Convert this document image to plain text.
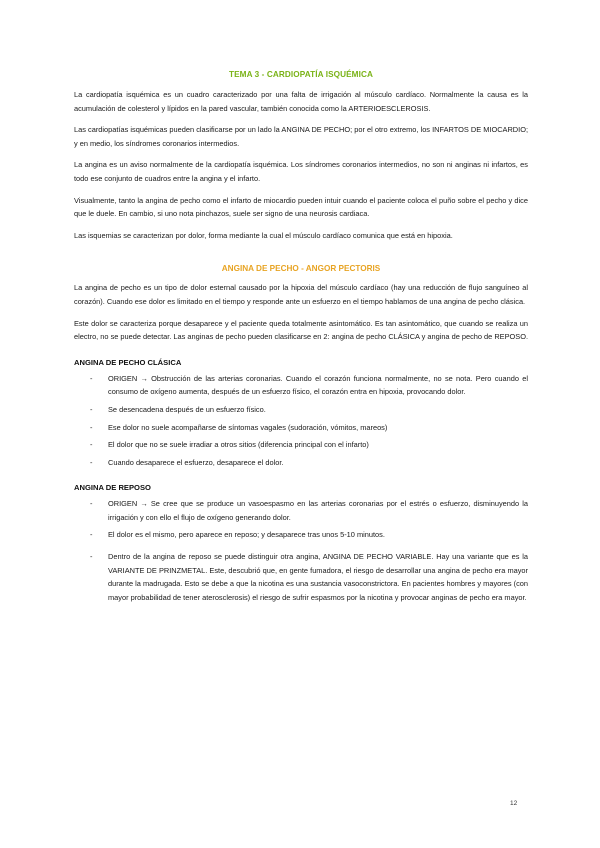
TEMA 3 - CARDIOPATÍA ISQUÉMICA

La cardiopatía isquémica es un cuadro caracterizado por una falta de irrigación al músculo cardíaco. Normalmente la causa es la acumulación de colesterol y lípidos en la pared vascular, también conocida como la ARTERIOESCLEROSIS.

Las cardiopatías isquémicas pueden clasificarse por un lado la ANGINA DE PECHO; por el otro extremo, los INFARTOS DE MIOCARDIO; y en medio, los síndromes coronarios intermedios.

La angina es un aviso normalmente de la cardiopatía isquémica. Los síndromes coronarios intermedios, no son ni anginas ni infartos, es todo ese conjunto de cuadros entre la angina y el infarto.

Visualmente, tanto la angina de pecho como el infarto de miocardio pueden intuir cuando el paciente coloca el puño sobre el pecho y dice que le duele. En cambio, si uno nota pinchazos, suele ser signo de una neurosis cardiaca.

Las isquemias se caracterizan por dolor, forma mediante la cual el músculo cardíaco comunica que está en hipoxia.

ANGINA DE PECHO - ANGOR PECTORIS

La angina de pecho es un tipo de dolor esternal causado por la hipoxia del músculo cardíaco (hay una reducción de flujo sanguíneo al corazón). Cuando ese dolor es limitado en el tiempo y responde ante un esfuerzo en el tiempo hablamos de una angina de pecho clásica.

Este dolor se caracteriza porque desaparece y el paciente queda totalmente asintomático. Es tan asintomático, que cuando se realiza un electro, no se puede detectar. Las anginas de pecho pueden clasificarse en 2: angina de pecho CLÁSICA y angina de pecho de REPOSO.

ANGINA DE PECHO CLÁSICA
- ORIGEN → Obstrucción de las arterias coronarias. Cuando el corazón funciona normalmente, no se nota. Pero cuando el consumo de oxígeno aumenta, después de un esfuerzo físico, el corazón entra en hipoxia, provocando dolor.
- Se desencadena después de un esfuerzo físico.
- Ese dolor no suele acompañarse de síntomas vagales (sudoración, vómitos, mareos)
- El dolor que no se suele irradiar a otros sitios (diferencia principal con el infarto)
- Cuando desaparece el esfuerzo, desaparece el dolor.
ANGINA DE REPOSO
- ORIGEN → Se cree que se produce un vasoespasmo en las arterias coronarias por el estrés o esfuerzo, disminuyendo la irrigación y con ello el flujo de oxígeno generando dolor.
- El dolor es el mismo, pero aparece en reposo; y desaparece tras unos 5-10 minutos.
- Dentro de la angina de reposo se puede distinguir otra angina, ANGINA DE PECHO VARIABLE. Hay una variante que es la VARIANTE DE PRINZMETAL. Este, descubrió que, en gente fumadora, el riesgo de desarrollar una angina de pecho era mayor durante la madrugada. Esto se debe a que la nicotina es una sustancia vasoconstrictora. En pacientes hombres y mayores (con mayor probabilidad de tener aterosclerosis) el riesgo de sufrir espasmos por la nicotina y provocar anginas de pecho era mayor.
12
